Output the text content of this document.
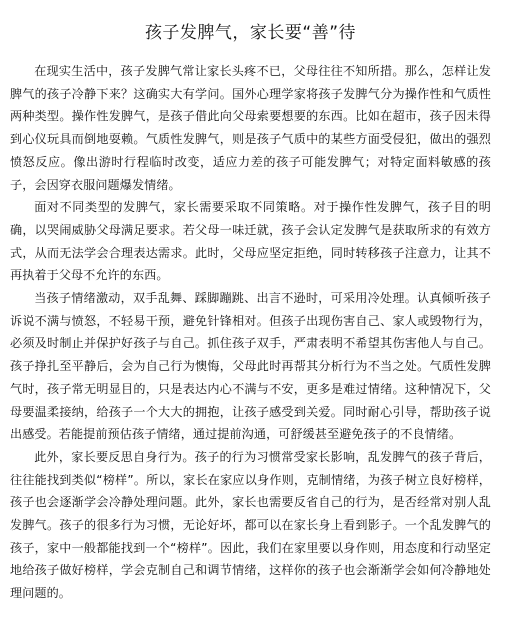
孩子发脾气，家长要“善”待

在现实生活中，孩子发脾气常让家长头疼不已，父母往往不知所措。那么，怎样让发脾气的孩子冷静下来？这确实大有学问。国外心理学家将孩子发脾气分为操作性和气质性两种类型。操作性发脾气，是孩子借此向父母索要想要的东西。比如在超市，孩子因未得到心仪玩具而倒地耍赖。气质性发脾气，则是孩子气质中的某些方面受侵犯，做出的强烈愤怒反应。像出游时行程临时改变，适应力差的孩子可能发脾气；对特定面料敏感的孩子，会因穿衣服问题爆发情绪。

面对不同类型的发脾气，家长需要采取不同策略。对于操作性发脾气，孩子目的明确，以哭闹威胁父母满足要求。若父母一味迁就，孩子会认定发脾气是获取所求的有效方式，从而无法学会合理表达需求。此时，父母应坚定拒绝，同时转移孩子注意力，让其不再执着于父母不允许的东西。

当孩子情绪激动，双手乱舞、踩脚蹦跳、出言不逊时，可采用冷处理。认真倾听孩子诉说不满与愤怒，不轻易干预，避免针锋相对。但孩子出现伤害自己、家人或毁物行为，必须及时制止并保护好孩子与自己。抓住孩子双手，严肃表明不希望其伤害他人与自己。孩子挣扎至平静后，会为自己行为懊悔，父母此时再帮其分析行为不当之处。气质性发脾气时，孩子常无明显目的，只是表达内心不满与不安，更多是难过情绪。这种情况下，父母要温柔接纳，给孩子一个大大的拥抱，让孩子感受到关爱。同时耐心引导，帮助孩子说出感受。若能提前预估孩子情绪，通过提前沟通，可舒缓甚至避免孩子的不良情绪。

此外，家长要反思自身行为。孩子的行为习惯常受家长影响，乱发脾气的孩子背后，往往能找到类似“榜样”。所以，家长在家应以身作则，克制情绪，为孩子树立良好榜样，孩子也会逐渐学会冷静处理问题。此外，家长也需要反省自己的行为，是否经常对别人乱发脾气。孩子的很多行为习惯，无论好坏，都可以在家长身上看到影子。一个乱发脾气的孩子，家中一般都能找到一个“榜样”。因此，我们在家里要以身作则，用态度和行动坚定地给孩子做好榜样，学会克制自己和调节情绪，这样你的孩子也会渐渐学会如何冷静地处理问题的。
